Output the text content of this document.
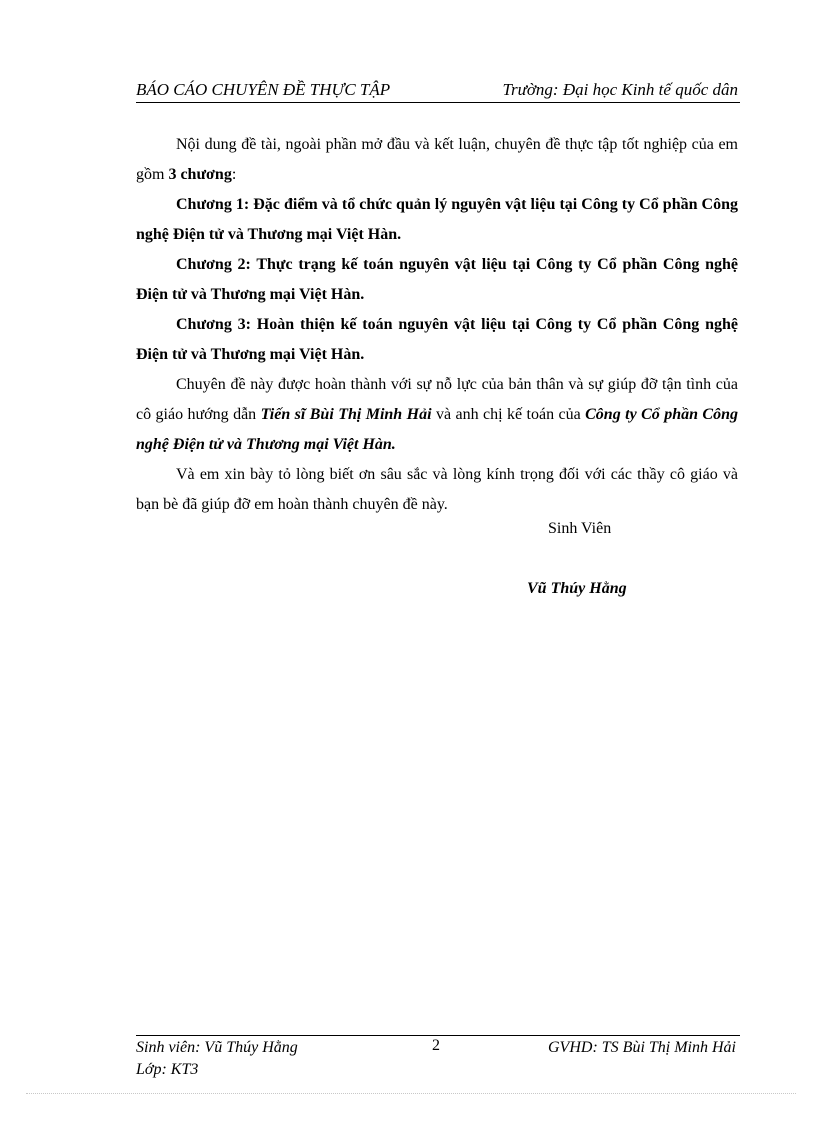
BÁO CÁO CHUYÊN ĐỀ THỰC TẬP	Trường: Đại học Kinh tế quốc dân

Nội dung đề tài, ngoài phần mở đầu và kết luận, chuyên đề thực tập tốt nghiệp của em gồm 3 chương:

Chương 1: Đặc điểm và tổ chức quản lý nguyên vật liệu tại Công ty Cổ phần Công nghệ Điện tử và Thương mại Việt Hàn.

Chương 2: Thực trạng kế toán nguyên vật liệu tại Công ty Cổ phần Công nghệ Điện tử và Thương mại Việt Hàn.

Chương 3: Hoàn thiện kế toán nguyên vật liệu tại Công ty Cổ phần Công nghệ Điện tử và Thương mại Việt Hàn.

Chuyên đề này được hoàn thành với sự nỗ lực của bản thân và sự giúp đỡ tận tình của cô giáo hướng dẫn Tiến sĩ Bùi Thị Minh Hải và anh chị kế toán của Công ty Cổ phần Công nghệ Điện tử và Thương mại Việt Hàn.

Và em xin bày tỏ lòng biết ơn sâu sắc và lòng kính trọng đối với các thầy cô giáo và bạn bè đã giúp đỡ em hoàn thành chuyên đề này.

Sinh Viên
Vũ Thúy Hằng
Sinh viên: Vũ Thúy Hằng
Lớp: KT3
2	GVHD: TS Bùi Thị Minh Hải
